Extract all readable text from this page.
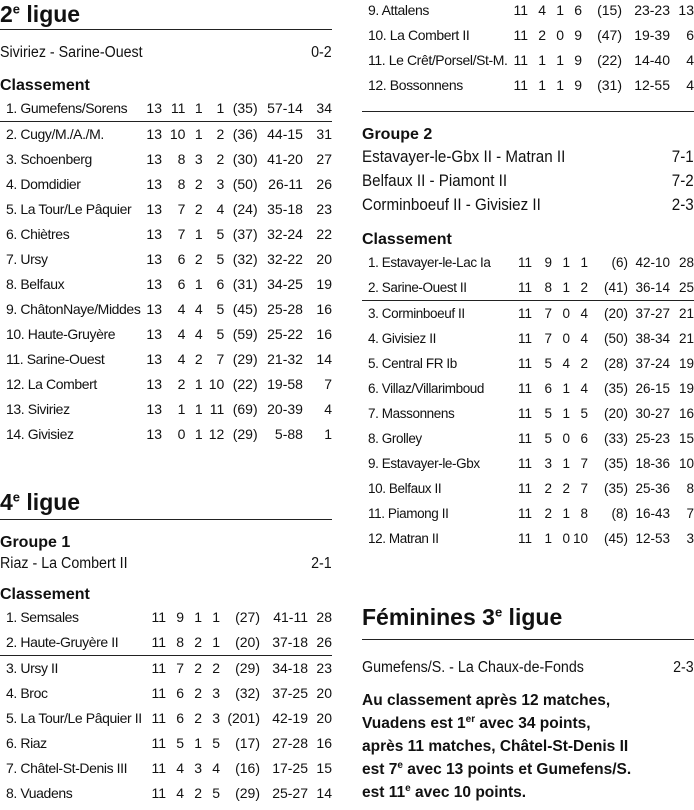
2e ligue
Siviriez - Sarine-Ouest	0-2
Classement
1. Gumefens/Sorens	13	11	1	1	(35)	57-14	34
2. Cugy/M./A./M.	13	10	1	2	(36)	44-15	31
3. Schoenberg	13	8	3	2	(30)	41-20	27
4. Domdidier	13	8	2	3	(50)	26-11	26
5. La Tour/Le Pâquier	13	7	2	4	(24)	35-18	23
6. Chiètres	13	7	1	5	(37)	32-24	22
7. Ursy	13	6	2	5	(32)	32-22	20
8. Belfaux	13	6	1	6	(31)	34-25	19
9. ChâtonNaye/Middes	13	4	4	5	(45)	25-28	16
10. Haute-Gruyère	13	4	4	5	(59)	25-22	16
11. Sarine-Ouest	13	4	2	7	(29)	21-32	14
12. La Combert	13	2	1	10	(22)	19-58	7
13. Siviriez	13	1	1	11	(69)	20-39	4
14. Givisiez	13	0	1	12	(29)	5-88	1
4e ligue
Groupe 1
Riaz - La Combert II	2-1
Classement
1. Semsales	11	9	1	1	(27)	41-11	28
2. Haute-Gruyère II	11	8	2	1	(20)	37-18	26
3. Ursy II	11	7	2	2	(29)	34-18	23
4. Broc	11	6	2	3	(32)	37-25	20
5. La Tour/Le Pâquier II	11	6	2	3	(201)	42-19	20
6. Riaz	11	5	1	5	(17)	27-28	16
7. Châtel-St-Denis III	11	4	3	4	(16)	17-25	15
8. Vuadens	11	4	2	5	(29)	25-27	14
9. Attalens	11	4	1	6	(15)	23-23	13
10. La Combert II	11	2	0	9	(47)	19-39	6
11. Le Crêt/Porsel/St-M.	11	1	1	9	(22)	14-40	4
12. Bossonnens	11	1	1	9	(31)	12-55	4
Groupe 2
Estavayer-le-Gbx II - Matran II	7-1
Belfaux II - Piamont II	7-2
Corminboeuf II - Givisiez II	2-3
Classement
1. Estavayer-le-Lac Ia	11	9	1	1	(6)	42-10	28
2. Sarine-Ouest II	11	8	1	2	(41)	36-14	25
3. Corminboeuf II	11	7	0	4	(20)	37-27	21
4. Givisiez II	11	7	0	4	(50)	38-34	21
5. Central FR Ib	11	5	4	2	(28)	37-24	19
6. Villaz/Villarimboud	11	6	1	4	(35)	26-15	19
7. Massonnens	11	5	1	5	(20)	30-27	16
8. Grolley	11	5	0	6	(33)	25-23	15
9. Estavayer-le-Gbx	11	3	1	7	(35)	18-36	10
10. Belfaux II	11	2	2	7	(35)	25-36	8
11. Piamong II	11	2	1	8	(8)	16-43	7
12. Matran II	11	1	0	10	(45)	12-53	3
Féminines 3e ligue
Gumefens/S. - La Chaux-de-Fonds	2-3
Au classement après 12 matches,
Vuadens est 1er avec 34 points,
après 11 matches, Châtel-St-Denis II
est 7e avec 13 points et Gumefens/S.
est 11e avec 10 points.
